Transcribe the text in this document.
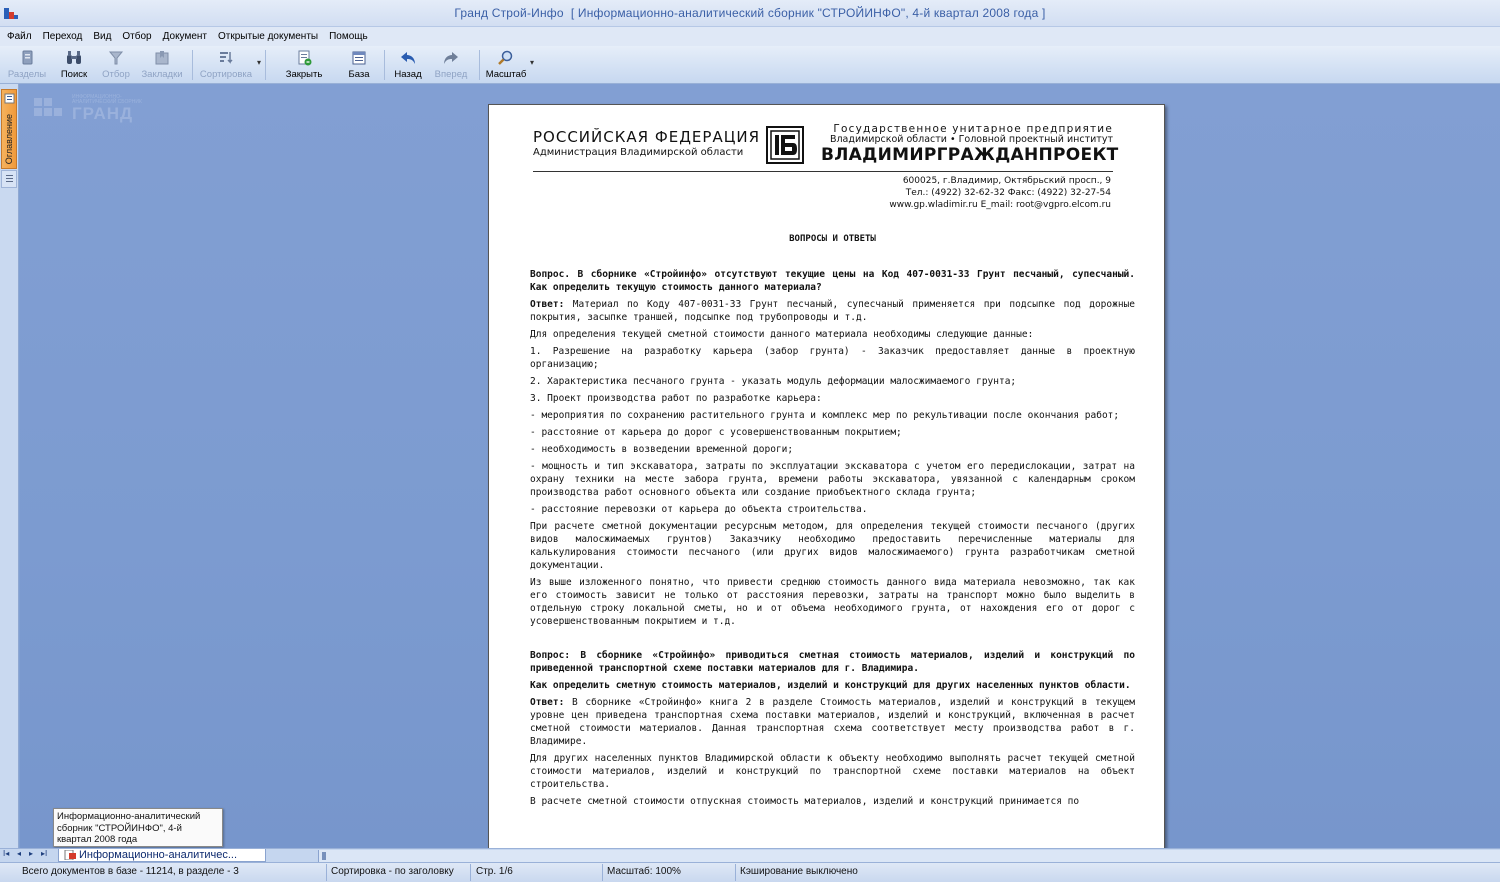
Гранд Строй-Инфо  [ Информационно-аналитический сборник "СТРОЙИНФО", 4-й квартал 2008 года ]
Файл	Переход	Вид	Отбор	Документ	Открытые документы	Помощь
Разделы Поиск Отбор Закладки Сортировка
▾
Закрыть	База	Назад Вперед Масштаб
▾
Оглавление
ИНФОРМАЦИОННО-АНАЛИТИЧЕСКИЙ СБОРНИК
ГРАНД
РОССИЙСКАЯ ФЕДЕРАЦИЯ
Администрация Владимирской области
Государственное унитарное предприятие
Владимирской области • Головной проектный институт
ВЛАДИМИРГРАЖДАНПРОЕКТ
600025, г.Владимир, Октябрьский просп., 9
Тел.: (4922) 32-62-32 Факс: (4922) 32-27-54
www.gp.wladimir.ru E_mail: root@vgpro.elcom.ru
ВОПРОСЫ И ОТВЕТЫ

Вопрос. В сборнике «Стройинфо» отсутствуют текущие цены на Код 407-0031-33 Грунт песчаный, супесчаный. Как определить текущую стоимость данного материала?

Ответ: Материал по Коду 407-0031-33 Грунт песчаный, супесчаный применяется при подсыпке под дорожные покрытия, засыпке траншей, подсыпке под трубопроводы и т.д.

Для определения текущей сметной стоимости данного материала необходимы следующие данные:

1. Разрешение на разработку карьера (забор грунта) - Заказчик предоставляет данные в проектную организацию;

2. Характеристика песчаного грунта - указать модуль деформации малосжимаемого грунта;

3. Проект производства работ по разработке карьера:

- мероприятия по сохранению растительного грунта и комплекс мер по рекультивации после окончания работ;

- расстояние от карьера до дорог с усовершенствованным покрытием;

- необходимость в возведении временной дороги;

- мощность и тип экскаватора, затраты по эксплуатации экскаватора с учетом его передислокации, затрат на охрану техники на месте забора грунта, времени работы экскаватора, увязанной с календарным сроком производства работ основного объекта или создание приобъектного склада грунта;

- расстояние перевозки от карьера до объекта строительства.

При расчете сметной документации ресурсным методом, для определения текущей стоимости песчаного (других видов малосжимаемых грунтов) Заказчику необходимо предоставить перечисленные материалы для калькулирования стоимости песчаного (или других видов малосжимаемого) грунта разработчикам сметной документации.

Из выше изложенного понятно, что привести среднюю стоимость данного вида материала невозможно, так как его стоимость зависит не только от расстояния перевозки, затраты на транспорт можно было выделить в отдельную строку локальной сметы, но и от объема необходимого грунта, от нахождения его от дорог с усовершенствованным покрытием и т.д.

Вопрос: В сборнике «Стройинфо» приводиться сметная стоимость материалов, изделий и конструкций по приведенной транспортной схеме поставки материалов для г. Владимира.

Как определить сметную стоимость материалов, изделий и конструкций для других населенных пунктов области.

Ответ: В сборнике «Стройинфо» книга 2 в разделе Стоимость материалов, изделий и конструкций в текущем уровне цен приведена транспортная схема поставки материалов, изделий и конструкций, включенная в расчет сметной стоимости материалов. Данная транспортная схема соответствует месту производства работ в г. Владимире.

Для других населенных пунктов Владимирской области к объекту необходимо выполнять расчет текущей сметной стоимости материалов, изделий и конструкций по транспортной схеме поставки материалов на объект строительства.

В расчете сметной стоимости отпускная стоимость материалов, изделий и конструкций принимается по

Информационно-аналитический сборник "СТРОЙИНФО", 4-й квартал 2008 года
I◂ ◂ ▸ ▸I	Информационно-аналитичес...
Всего документов в базе - 11214, в разделе - 3	Сортировка - по заголовку Стр. 1/6	Масштаб: 100%	Кэширование выключено
